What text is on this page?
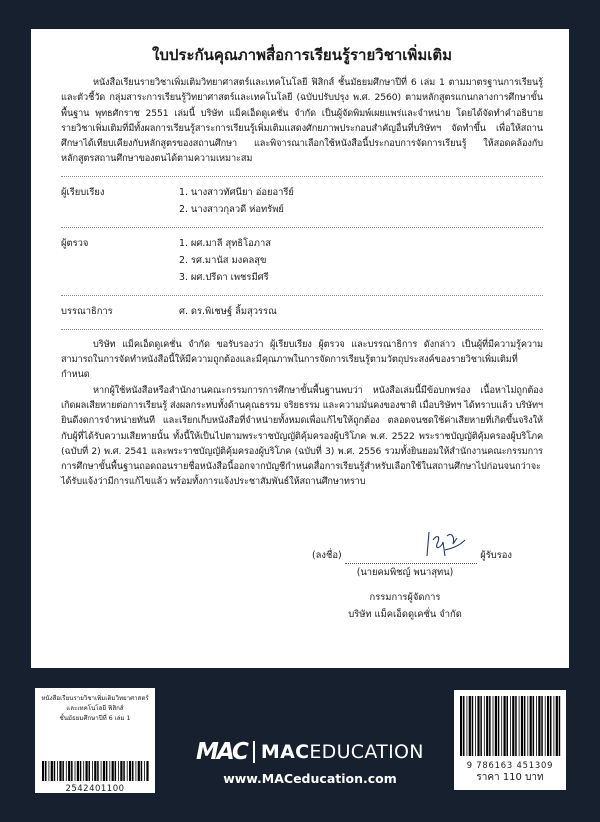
ใบประกันคุณภาพสื่อการเรียนรู้รายวิชาเพิ่มเติม

หนังสือเรียนรายวิชาเพิ่มเติมวิทยาศาสตร์และเทคโนโลยี ฟิสิกส์ ชั้นมัธยมศึกษาปีที่ 6 เล่ม 1 ตามมาตรฐานการเรียนรู้และตัวชี้วัด กลุ่มสาระการเรียนรู้วิทยาศาสตร์และเทคโนโลยี (ฉบับปรับปรุง พ.ศ. 2560) ตามหลักสูตรแกนกลางการศึกษาขั้นพื้นฐาน พุทธศักราช 2551 เล่มนี้ บริษัท แม็คเอ็ดดูเคชั่น จำกัด เป็นผู้จัดพิมพ์เผยแพร่และจำหน่าย โดยได้จัดทำคำอธิบายรายวิชาเพิ่มเติมที่มีทั้งผลการเรียนรู้สาระการเรียนรู้เพิ่มเติมแสดงศักยภาพประกอบสำคัญอื่นที่บริษัทฯ จัดทำขึ้น เพื่อให้สถานศึกษาได้เทียบเคียงกับหลักสูตรของสถานศึกษา และพิจารณาเลือกใช้หนังสือนี้ประกอบการจัดการเรียนรู้ ให้สอดคล้องกับหลักสูตรสถานศึกษาของตนได้ตามความเหมาะสม

ผู้เรียบเรียง	1. นางสาวทัศนียา อ่อยอารีย์
2. นางสาวกุลวดี ห่อทรัพย์
ผู้ตรวจ	1. ผศ.มาลี สุทธิโอภาส
2. รศ.มานัส มงคลสุข
3. ผศ.ปรีดา เพชรมีศรี
บรรณาธิการ	ศ. ดร.พิเชษฐ์ ลิ้มสุวรรณ

บริษัท แม็คเอ็ดดูเคชั่น จำกัด ขอรับรองว่า ผู้เรียบเรียง ผู้ตรวจ และบรรณาธิการ ดังกล่าว เป็นผู้ที่มีความรู้ความสามารถในการจัดทำหนังสือนี้ให้มีความถูกต้องและมีคุณภาพในการจัดการเรียนรู้ตามวัตถุประสงค์ของรายวิชาเพิ่มเติมที่กำหนด

หากผู้ใช้หนังสือหรือสำนักงานคณะกรรมการการศึกษาขั้นพื้นฐานพบว่า หนังสือเล่มนี้มีข้อบกพร่อง เนื้อหาไม่ถูกต้อง เกิดผลเสียหายต่อการเรียนรู้ ส่งผลกระทบทั้งด้านคุณธรรม จริยธรรม และความมั่นคงของชาติ เมื่อบริษัทฯ ได้ทราบแล้ว บริษัทฯ ยินดีงดการจำหน่ายทันที และเรียกเก็บหนังสือที่จำหน่ายทั้งหมดเพื่อแก้ไขให้ถูกต้อง ตลอดจนชดใช้ค่าเสียหายที่เกิดขึ้นจริงให้กับผู้ที่ได้รับความเสียหายนั้น ทั้งนี้ให้เป็นไปตามพระราชบัญญัติคุ้มครองผู้บริโภค พ.ศ. 2522 พระราชบัญญัติคุ้มครองผู้บริโภค (ฉบับที่ 2) พ.ศ. 2541 และพระราชบัญญัติคุ้มครองผู้บริโภค (ฉบับที่ 3) พ.ศ. 2556 รวมทั้งยินยอมให้สำนักงานคณะกรรมการการศึกษาขั้นพื้นฐานถอดถอนรายชื่อหนังสือนี้ออกจากบัญชีกำหนดสื่อการเรียนรู้สำหรับเลือกใช้ในสถานศึกษาไปก่อนจนกว่าจะได้รับแจ้งว่ามีการแก้ไขแล้ว พร้อมทั้งการแจ้งประชาสัมพันธ์ให้สถานศึกษาทราบ

(ลงชื่อ)	ผู้รับรอง
(นายคมพิชญ์ พนาสุทน)
กรรมการผู้จัดการ
บริษัท แม็คเอ็ดดูเคชั่น จำกัด
หนังสือเรียนรายวิชาเพิ่มเติมวิทยาศาสตร์
และเทคโนโลยี ฟิสิกส์
ชั้นมัธยมศึกษาปีที่ 6 เล่ม 1
2542401100
MAC MACEDUCATION
www.MACeducation.com
9 786163 451309
ราคา 110 บาท
